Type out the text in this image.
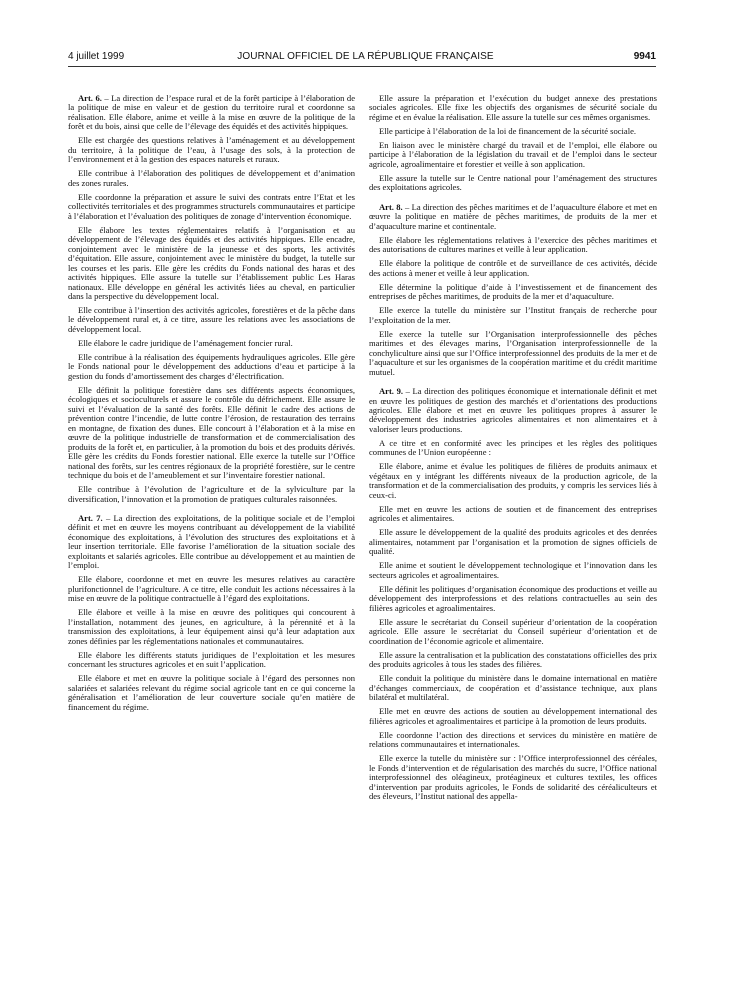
4 juillet 1999	JOURNAL OFFICIEL DE LA RÉPUBLIQUE FRANÇAISE	9941

Art. 6. – La direction de l’espace rural et de la forêt participe à l’élaboration de la politique de mise en valeur et de gestion du territoire rural et coordonne sa réalisation. Elle élabore, anime et veille à la mise en œuvre de la politique de la forêt et du bois, ainsi que celle de l’élevage des équidés et des activités hippiques.

Elle est chargée des questions relatives à l’aménagement et au développement du territoire, à la politique de l’eau, à l’usage des sols, à la protection de l’environnement et à la gestion des espaces naturels et ruraux.

Elle contribue à l’élaboration des politiques de développement et d’animation des zones rurales.

Elle coordonne la préparation et assure le suivi des contrats entre l’Etat et les collectivités territoriales et des programmes structurels communautaires et participe à l’élaboration et l’évaluation des politiques de zonage d’intervention économique.

Elle élabore les textes réglementaires relatifs à l’organisation et au développement de l’élevage des équidés et des activités hippiques. Elle encadre, conjointement avec le ministère de la jeunesse et des sports, les activités d’équitation. Elle assure, conjointement avec le ministère du budget, la tutelle sur les courses et les paris. Elle gère les crédits du Fonds national des haras et des activités hippiques. Elle assure la tutelle sur l’établissement public Les Haras nationaux. Elle développe en général les activités liées au cheval, en particulier dans la perspective du développement local.

Elle contribue à l’insertion des activités agricoles, forestières et de la pêche dans le développement rural et, à ce titre, assure les relations avec les associations de développement local.

Elle élabore le cadre juridique de l’aménagement foncier rural.

Elle contribue à la réalisation des équipements hydrauliques agricoles. Elle gère le Fonds national pour le développement des adductions d’eau et participe à la gestion du fonds d’amortissement des charges d’électrification.

Elle définit la politique forestière dans ses différents aspects économiques, écologiques et socioculturels et assure le contrôle du défrichement. Elle assure le suivi et l’évaluation de la santé des forêts. Elle définit le cadre des actions de prévention contre l’incendie, de lutte contre l’érosion, de restauration des terrains en montagne, de fixation des dunes. Elle concourt à l’élaboration et à la mise en œuvre de la politique industrielle de transformation et de commercialisation des produits de la forêt et, en particulier, à la promotion du bois et des produits dérivés. Elle gère les crédits du Fonds forestier national. Elle exerce la tutelle sur l’Office national des forêts, sur les centres régionaux de la propriété forestière, sur le centre technique du bois et de l’ameublement et sur l’inventaire forestier national.

Elle contribue à l’évolution de l’agriculture et de la sylviculture par la diversification, l’innovation et la promotion de pratiques culturales raisonnées.

Art. 7. – La direction des exploitations, de la politique sociale et de l’emploi définit et met en œuvre les moyens contribuant au développement de la viabilité économique des exploitations, à l’évolution des structures des exploitations et à leur insertion territoriale. Elle favorise l’amélioration de la situation sociale des exploitants et salariés agricoles. Elle contribue au développement et au maintien de l’emploi.

Elle élabore, coordonne et met en œuvre les mesures relatives au caractère plurifonctionnel de l’agriculture. A ce titre, elle conduit les actions nécessaires à la mise en œuvre de la politique contractuelle à l’égard des exploitations.

Elle élabore et veille à la mise en œuvre des politiques qui concourent à l’installation, notamment des jeunes, en agriculture, à la pérennité et à la transmission des exploitations, à leur équipement ainsi qu’à leur adaptation aux zones définies par les réglementations nationales et communautaires.

Elle élabore les différents statuts juridiques de l’exploitation et les mesures concernant les structures agricoles et en suit l’application.

Elle élabore et met en œuvre la politique sociale à l’égard des personnes non salariées et salariées relevant du régime social agricole tant en ce qui concerne la généralisation et l’amélioration de leur couverture sociale qu’en matière de financement du régime.

Elle assure la préparation et l’exécution du budget annexe des prestations sociales agricoles. Elle fixe les objectifs des organismes de sécurité sociale du régime et en évalue la réalisation. Elle assure la tutelle sur ces mêmes organismes.

Elle participe à l’élaboration de la loi de financement de la sécurité sociale.

En liaison avec le ministère chargé du travail et de l’emploi, elle élabore ou participe à l’élaboration de la législation du travail et de l’emploi dans le secteur agricole, agroalimentaire et forestier et veille à son application.

Elle assure la tutelle sur le Centre national pour l’aménagement des structures des exploitations agricoles.

Art. 8. – La direction des pêches maritimes et de l’aquaculture élabore et met en œuvre la politique en matière de pêches maritimes, de produits de la mer et d’aquaculture marine et continentale.

Elle élabore les réglementations relatives à l’exercice des pêches maritimes et des autorisations de cultures marines et veille à leur application.

Elle élabore la politique de contrôle et de surveillance de ces activités, décide des actions à mener et veille à leur application.

Elle détermine la politique d’aide à l’investissement et de financement des entreprises de pêches maritimes, de produits de la mer et d’aquaculture.

Elle exerce la tutelle du ministère sur l’Institut français de recherche pour l’exploitation de la mer.

Elle exerce la tutelle sur l’Organisation interprofessionnelle des pêches maritimes et des élevages marins, l’Organisation interprofessionnelle de la conchyliculture ainsi que sur l’Office interprofessionnel des produits de la mer et de l’aquaculture et sur les organismes de la coopération maritime et du crédit maritime mutuel.

Art. 9. – La direction des politiques économique et internationale définit et met en œuvre les politiques de gestion des marchés et d’orientations des productions agricoles. Elle élabore et met en œuvre les politiques propres à assurer le développement des industries agricoles alimentaires et non alimentaires et à valoriser leurs productions.

A ce titre et en conformité avec les principes et les règles des politiques communes de l’Union européenne :

Elle élabore, anime et évalue les politiques de filières de produits animaux et végétaux en y intégrant les différents niveaux de la production agricole, de la transformation et de la commercialisation des produits, y compris les services liés à ceux-ci.

Elle met en œuvre les actions de soutien et de financement des entreprises agricoles et alimentaires.

Elle assure le développement de la qualité des produits agricoles et des denrées alimentaires, notamment par l’organisation et la promotion de signes officiels de qualité.

Elle anime et soutient le développement technologique et l’innovation dans les secteurs agricoles et agroalimentaires.

Elle définit les politiques d’organisation économique des productions et veille au développement des interprofessions et des relations contractuelles au sein des filières agricoles et agroalimentaires.

Elle assure le secrétariat du Conseil supérieur d’orientation de la coopération agricole. Elle assure le secrétariat du Conseil supérieur d’orientation et de coordination de l’économie agricole et alimentaire.

Elle assure la centralisation et la publication des constatations officielles des prix des produits agricoles à tous les stades des filières.

Elle conduit la politique du ministère dans le domaine international en matière d’échanges commerciaux, de coopération et d’assistance technique, aux plans bilatéral et multilatéral.

Elle met en œuvre des actions de soutien au développement international des filières agricoles et agroalimentaires et participe à la promotion de leurs produits.

Elle coordonne l’action des directions et services du ministère en matière de relations communautaires et internationales.

Elle exerce la tutelle du ministère sur : l’Office interprofessionnel des céréales, le Fonds d’intervention et de régularisation des marchés du sucre, l’Office national interprofessionnel des oléagineux, protéagineux et cultures textiles, les offices d’intervention par produits agricoles, le Fonds de solidarité des céréaliculteurs et des éleveurs, l’Institut national des appella-
